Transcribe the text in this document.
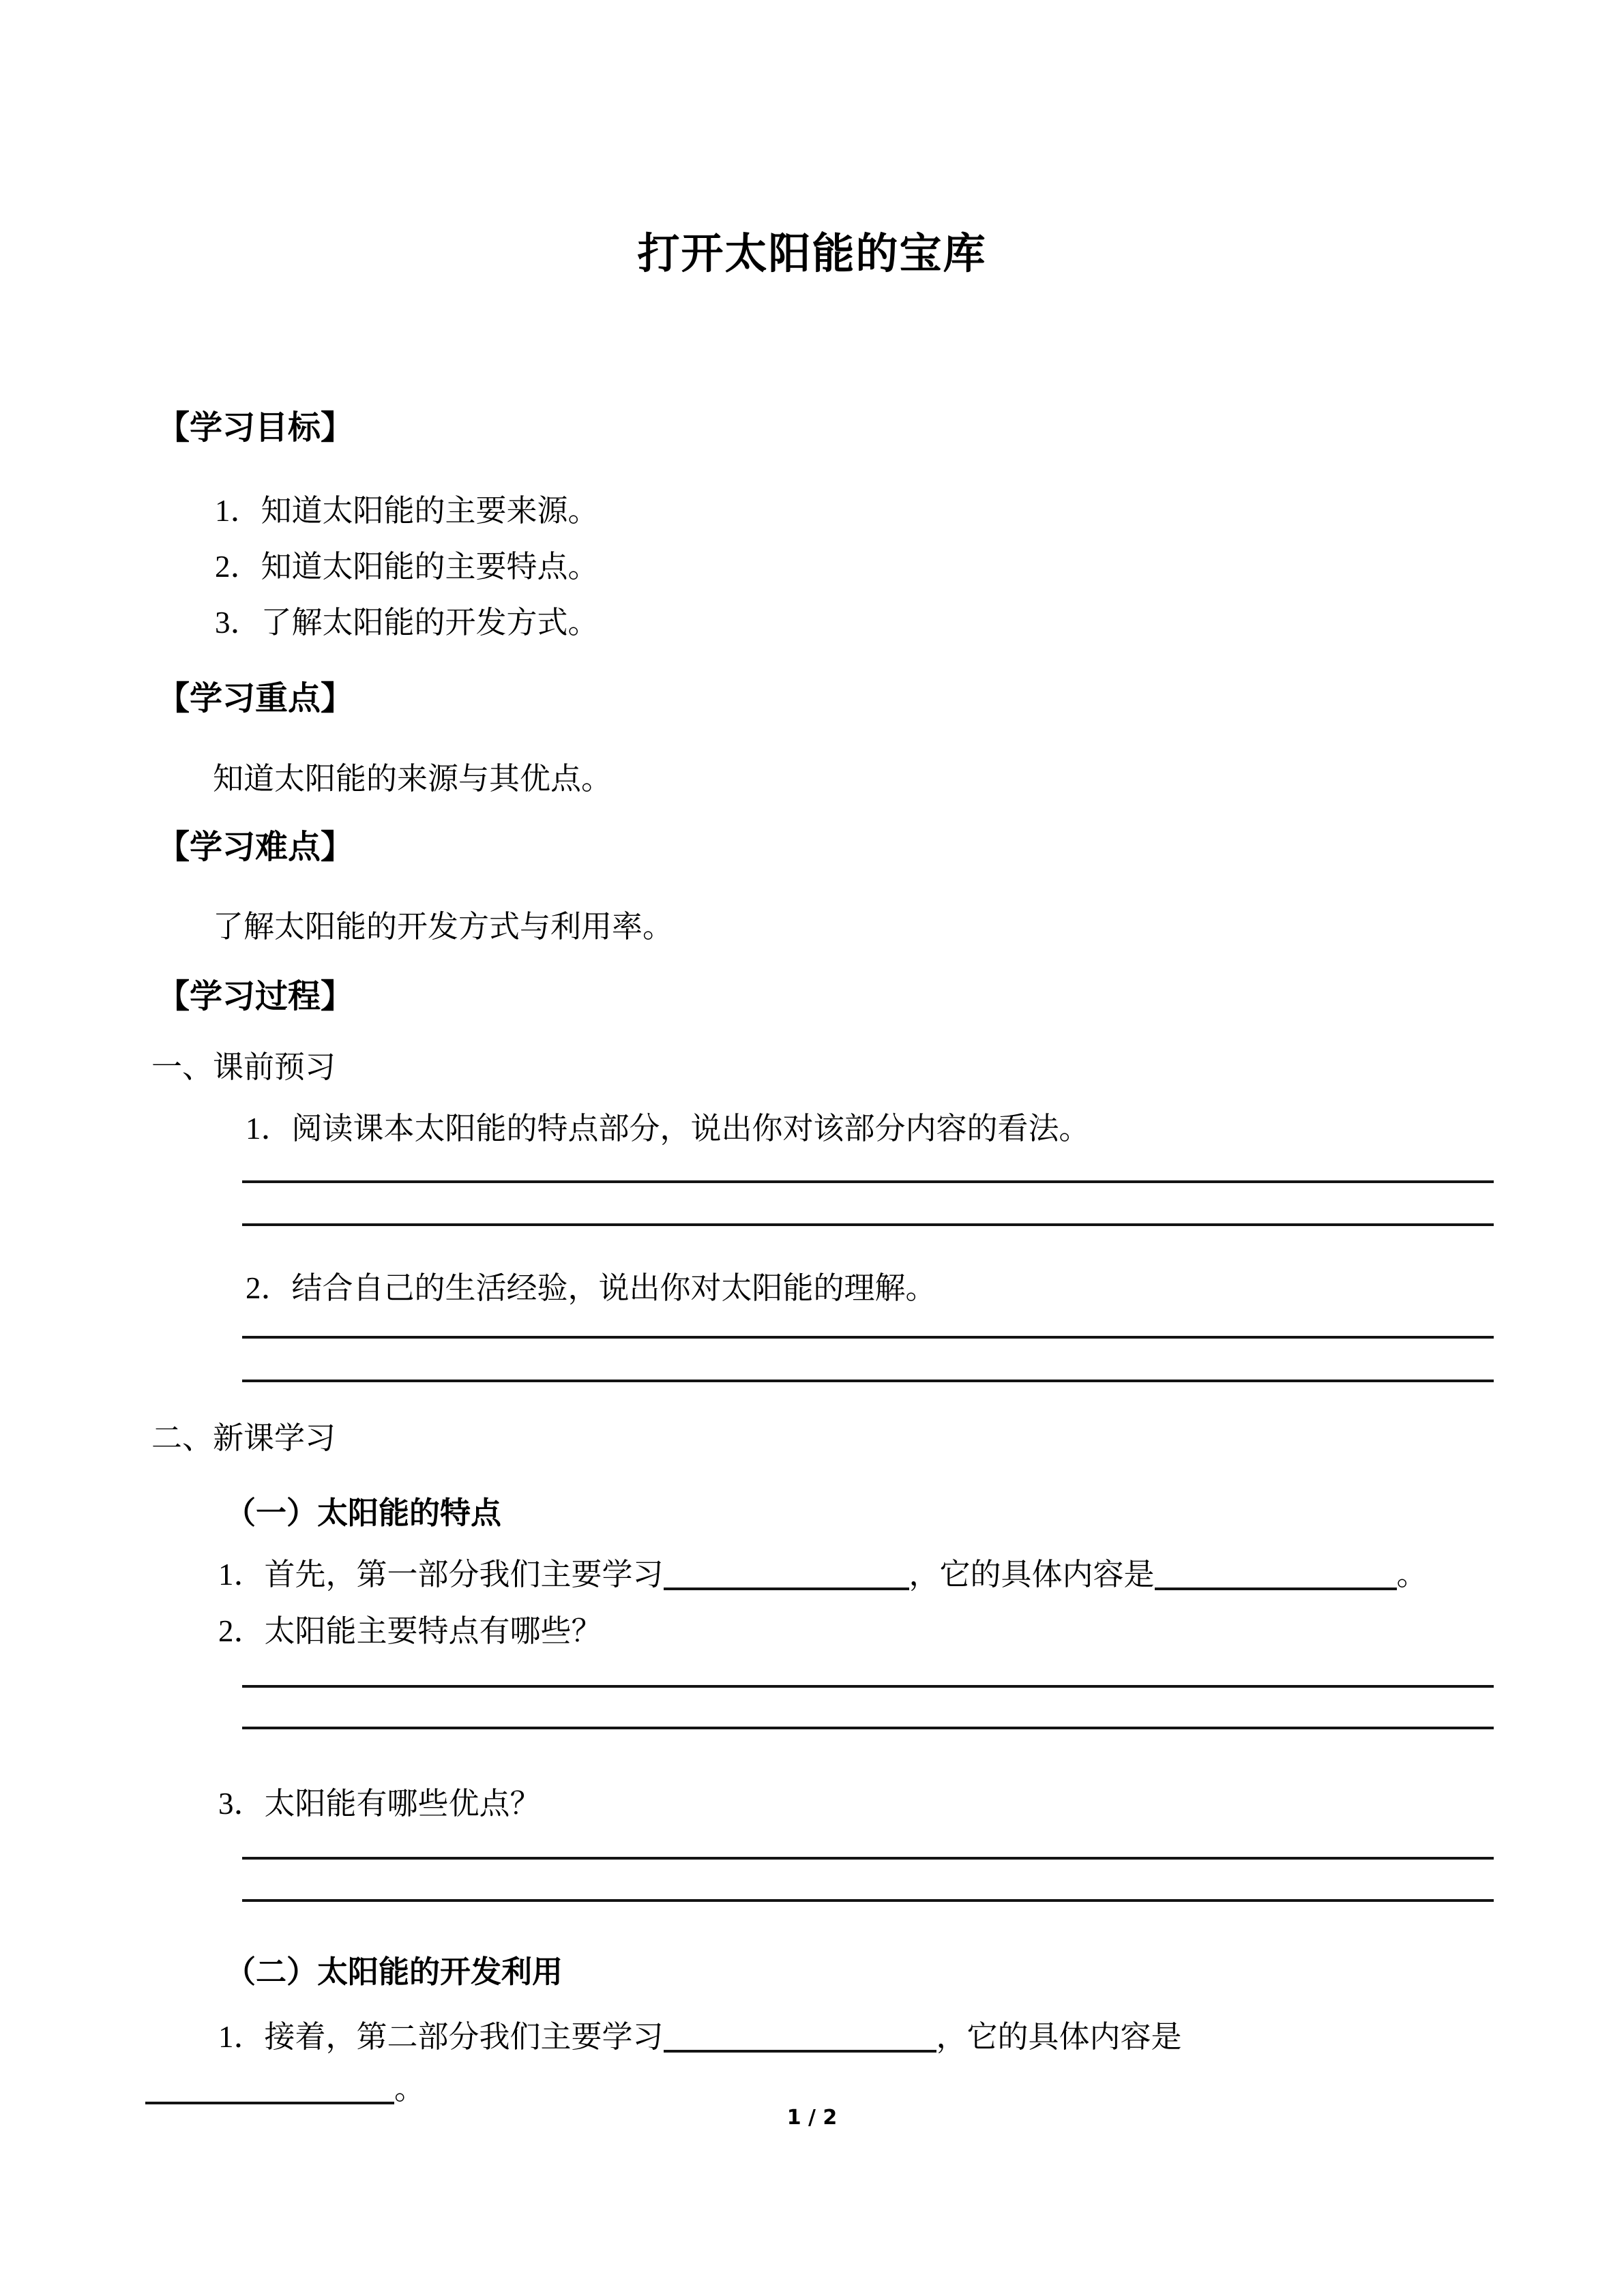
打开太阳能的宝库
【学习目标】
1．知道太阳能的主要来源。
2．知道太阳能的主要特点。
3．了解太阳能的开发方式。
【学习重点】
知道太阳能的来源与其优点。
【学习难点】
了解太阳能的开发方式与利用率。
【学习过程】
一、课前预习
1．阅读课本太阳能的特点部分，说出你对该部分内容的看法。
2．结合自己的生活经验，说出你对太阳能的理解。
二、新课学习
（一）太阳能的特点
1．首先，第一部分我们主要学习	，它的具体内容是	。
2．太阳能主要特点有哪些？
3．太阳能有哪些优点？
（二）太阳能的开发利用
1．接着，第二部分我们主要学习	，它的具体内容是
。
1 / 2
